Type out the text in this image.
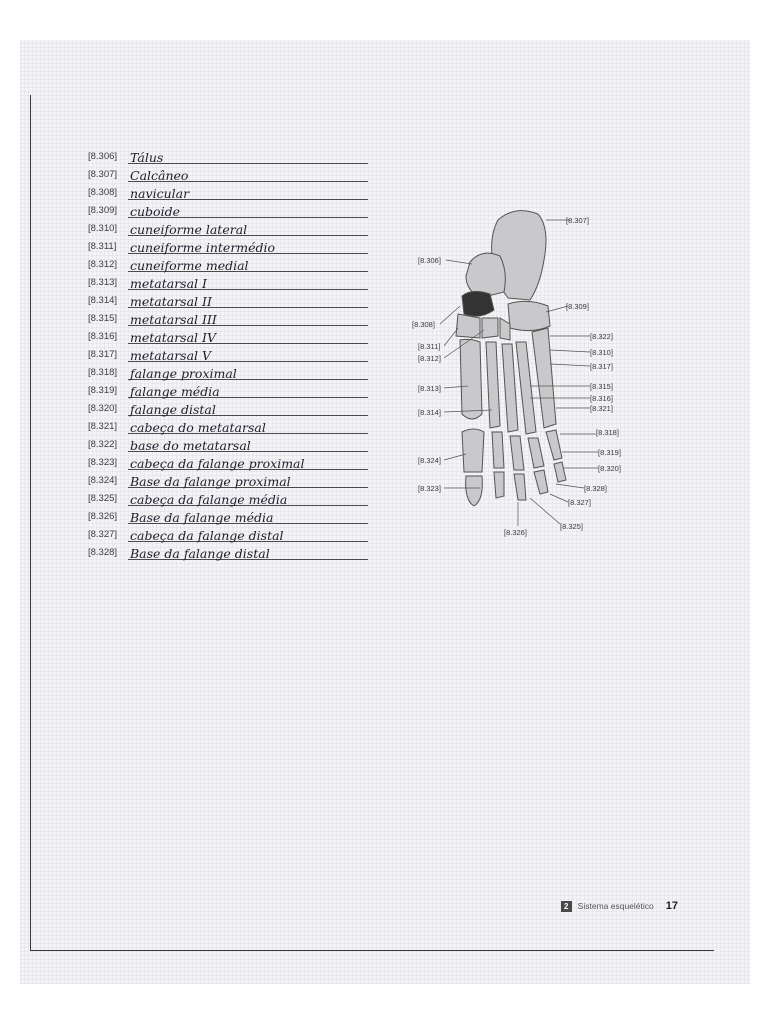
[8.306]	Tálus
[8.307]	Calcâneo
[8.308]	navicular
[8.309]	cuboide
[8.310]	cuneiforme lateral
[8.311]	cuneiforme intermédio
[8.312]	cuneiforme medial
[8.313]	metatarsal I
[8.314]	metatarsal II
[8.315]	metatarsal III
[8.316]	metatarsal IV
[8.317]	metatarsal V
[8.318]	falange proximal
[8.319]	falange média
[8.320]	falange distal
[8.321]	cabeça do metatarsal
[8.322]	base do metatarsal
[8.323]	cabeça da falange proximal
[8.324]	Base da falange proximal
[8.325]	cabeça da falange média
[8.326]	Base da falange média
[8.327]	cabeça da falange distal
[8.328]	Base da falange distal
[8.307]
[8.306]
[8.309]
[8.308]
[8.322]
[8.311]
[8.310]
[8.312]
[8.317]
[8.313]	[8.315]
[8.316]
[8.314]	[8.321]
[8.318]
[8.324]
[8.319]
[8.320]
[8.323]	[8.328]
[8.327]
[8.325]
[8.326]
2	Sistema esquelético 17
